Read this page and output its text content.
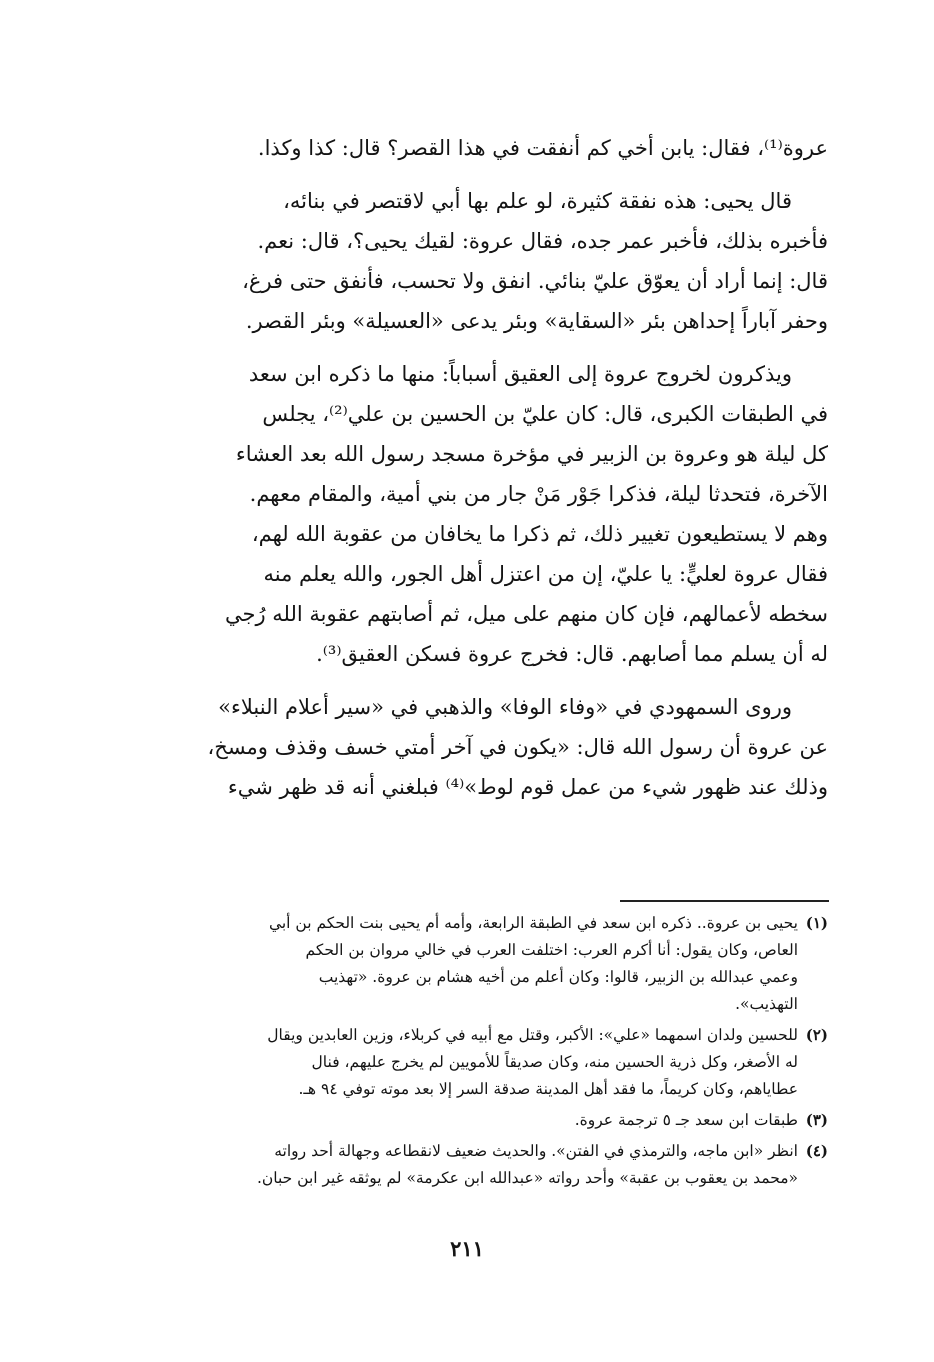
عروة⁽¹⁾، فقال: يابن أخي كم أنفقت في هذا القصر؟ قال: كذا وكذا.
قال يحيى: هذه نفقة كثيرة، لو علم بها أبي لاقتصر في بنائه،
فأخبره بذلك، فأخبر عمر جده، فقال عروة: لقيك يحيى؟، قال: نعم.
قال: إنما أراد أن يعوّق عليّ بنائي. انفق ولا تحسب، فأنفق حتى فرغ،
وحفر آباراً إحداهن بئر «السقاية» وبئر يدعى «العسيلة» وبئر القصر.
ويذكرون لخروج عروة إلى العقيق أسباباً: منها ما ذكره ابن سعد
في الطبقات الكبرى، قال: كان عليّ بن الحسين بن علي⁽²⁾، يجلس
كل ليلة هو وعروة بن الزبير في مؤخرة مسجد رسول الله بعد العشاء
الآخرة، فتحدثا ليلة، فذكرا جَوْر مَنْ جار من بني أمية، والمقام معهم.
وهم لا يستطيعون تغيير ذلك، ثم ذكرا ما يخافان من عقوبة الله لهم،
فقال عروة لعليٍّ: يا عليّ، إن من اعتزل أهل الجور، والله يعلم منه
سخطه لأعمالهم، فإن كان منهم على ميل، ثم أصابتهم عقوبة الله رُجي
له أن يسلم مما أصابهم. قال: فخرج عروة فسكن العقيق⁽³⁾.
وروى السمهودي في «وفاء الوفا» والذهبي في «سير أعلام النبلاء»
عن عروة أن رسول الله قال: «يكون في آخر أمتي خسف وقذف ومسخ،
وذلك عند ظهور شيء من عمل قوم لوط»⁽⁴⁾ فبلغني أنه قد ظهر شيء
(١)
يحيى بن عروة.. ذكره ابن سعد في الطبقة الرابعة، وأمه أم يحيى بنت الحكم بن أبي
العاص، وكان يقول: أنا أكرم العرب: اختلفت العرب في خالي مروان بن الحكم
وعمي عبدالله بن الزبير، قالوا: وكان أعلم من أخيه هشام بن عروة. «تهذيب
التهذيب».
(٢)
للحسين ولدان اسمهما «علي»: الأكبر، وقتل مع أبيه في كربلاء، وزين العابدين ويقال
له الأصغر، وكل ذرية الحسين منه، وكان صديقاً للأمويين لم يخرج عليهم، فنال
عطاياهم، وكان كريماً، ما فقد أهل المدينة صدقة السر إلا بعد موته توفي ٩٤ هـ.
(٣)
طبقات ابن سعد جـ ٥ ترجمة عروة.
(٤)
انظر «ابن ماجه، والترمذي في الفتن». والحديث ضعيف لانقطاعه وجهالة أحد رواته
«محمد بن يعقوب بن عقبة» وأحد رواته «عبدالله ابن عكرمة» لم يوثقه غير ابن حبان.
٢١١
